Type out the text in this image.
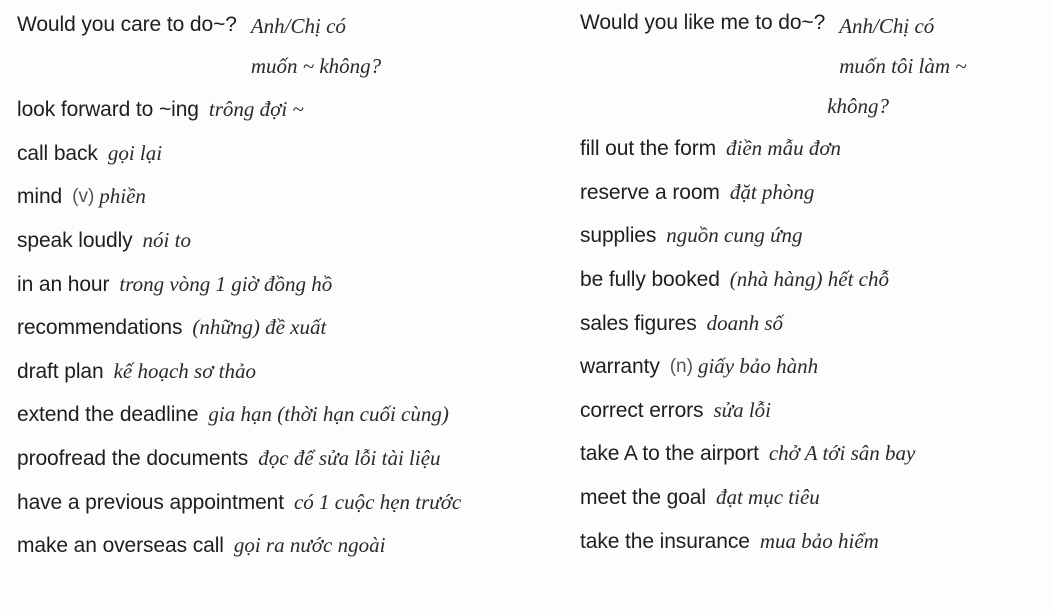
Would you care to do~? Anh/Chị có
muốn ~ không?
look forward to ~ing trông đợi ~
call back gọi lại
mind (v) phiền
speak loudly nói to
in an hour trong vòng 1 giờ đồng hồ
recommendations (những) đề xuất
draft plan kế hoạch sơ thảo
extend the deadline gia hạn (thời hạn cuối cùng)
proofread the documents đọc để sửa lỗi tài liệu
have a previous appointment có 1 cuộc hẹn trước
make an overseas call gọi ra nước ngoài
Would you like me to do~? Anh/Chị có
muốn tôi làm ~
không?
fill out the form điền mẫu đơn
reserve a room đặt phòng
supplies nguồn cung ứng
be fully booked (nhà hàng) hết chỗ
sales figures doanh số
warranty (n) giấy bảo hành
correct errors sửa lỗi
take A to the airport chở A tới sân bay
meet the goal đạt mục tiêu
take the insurance mua bảo hiểm
